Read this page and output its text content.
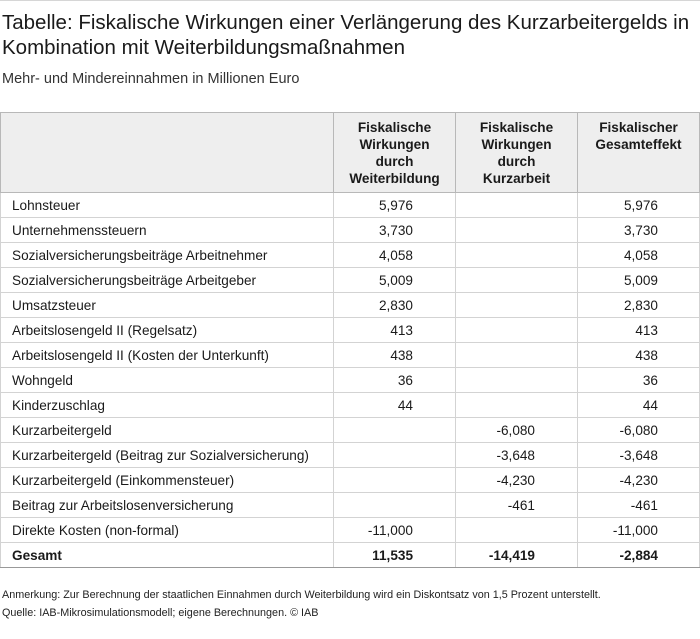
Tabelle: Fiskalische Wirkungen einer Verlängerung des Kurzarbeitergelds in Kombination mit Weiterbildungsmaßnahmen
Mehr- und Mindereinnahmen in Millionen Euro
	Fiskalische Wirkungen durch Weiterbildung	Fiskalische Wirkungen durch Kurzarbeit	Fiskalischer Gesamteffekt
Lohnsteuer	5,976		5,976
Unternehmenssteuern	3,730		3,730
Sozialversicherungsbeiträge Arbeitnehmer	4,058		4,058
Sozialversicherungsbeiträge Arbeitgeber	5,009		5,009
Umsatzsteuer	2,830		2,830
Arbeitslosengeld II (Regelsatz)	413		413
Arbeitslosengeld II (Kosten der Unterkunft)	438		438
Wohngeld	36		36
Kinderzuschlag	44		44
Kurzarbeitergeld		-6,080	-6,080
Kurzarbeitergeld (Beitrag zur Sozialversicherung)		-3,648	-3,648
Kurzarbeitergeld (Einkommensteuer)		-4,230	-4,230
Beitrag zur Arbeitslosenversicherung		-461	-461
Direkte Kosten (non-formal)	-11,000		-11,000
Gesamt	11,535	-14,419	-2,884
Anmerkung: Zur Berechnung der staatlichen Einnahmen durch Weiterbildung wird ein Diskontsatz von 1,5 Prozent unterstellt.
Quelle: IAB-Mikrosimulationsmodell; eigene Berechnungen. © IAB
